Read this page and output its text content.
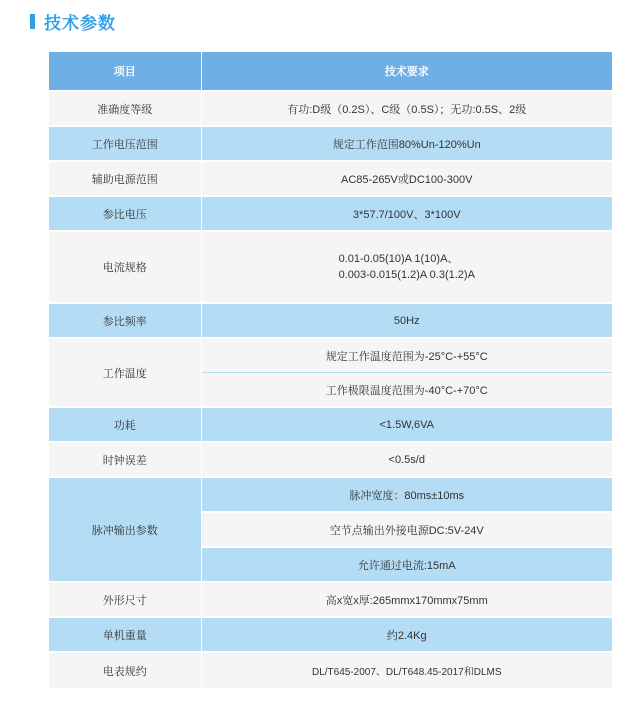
技术参数
项目	技术要求
准确度等级	有功:D级（0.2S）、C级（0.5S）；无功:0.5S、2级
工作电压范围	规定工作范围80%Un-120%Un
辅助电源范围	AC85-265V或DC100-300V
参比电压	3*57.7/100V、3*100V
电流规格	0.01-0.05(10)A 1(10)A、
0.003-0.015(1.2)A 0.3(1.2)A
参比频率	50Hz
工作温度	规定工作温度范围为-25°C-+55°C
	工作极限温度范围为-40°C-+70°C
功耗	<1.5W,6VA
时钟误差	<0.5s/d
脉冲输出参数	脉冲宽度：80ms±10ms
	空节点输出外接电源DC:5V-24V
	允许通过电流:15mA
外形尺寸	高x宽x厚:265mmx170mmx75mm
单机重量	约2.4Kg
电表规约	DL/T645-2007、DL/T648.45-2017和DLMS
